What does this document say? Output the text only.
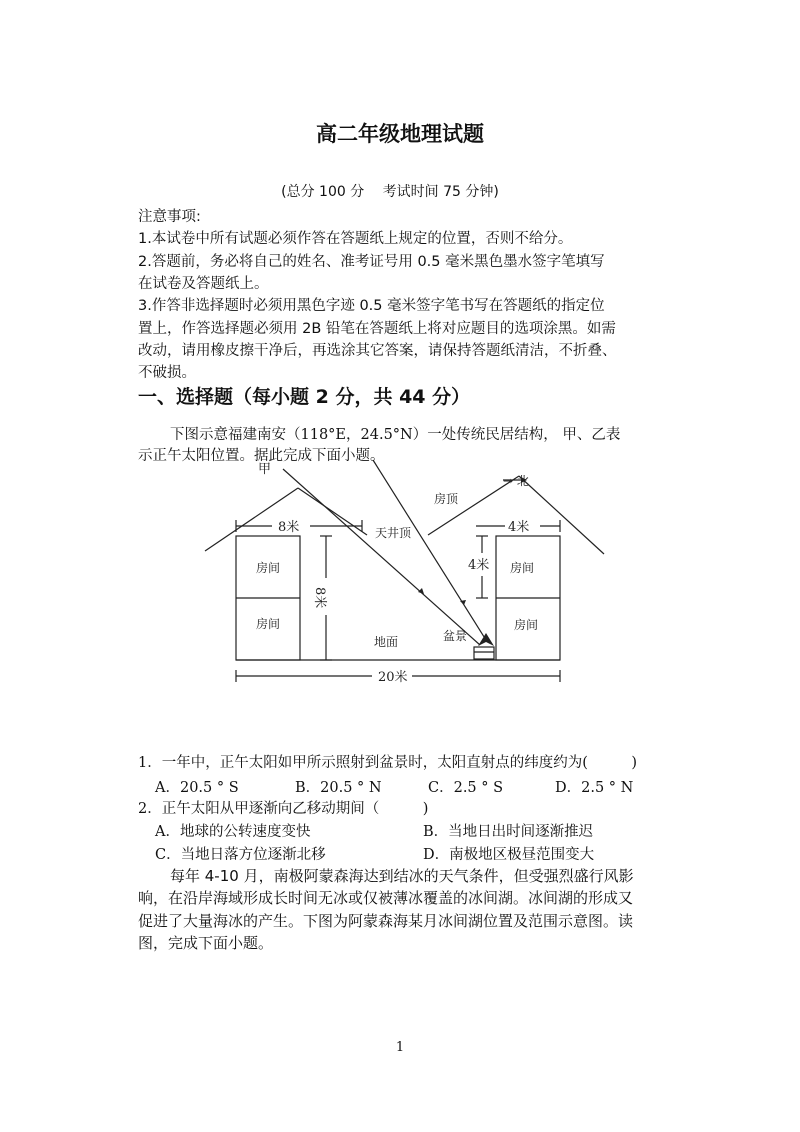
高二年级地理试题
(总分 100 分　 考试时间 75 分钟)
注意事项:
1.本试卷中所有试题必须作答在答题纸上规定的位置，否则不给分。
2.答题前，务必将自己的姓名、准考证号用 0.5 毫米黑色墨水签字笔填写
在试卷及答题纸上。
3.作答非选择题时必须用黑色字迹 0.5 毫米签字笔书写在答题纸的指定位
置上，作答选择题必须用 2B 铅笔在答题纸上将对应题目的选项涂黑。如需
改动，请用橡皮擦干净后，再选涂其它答案，请保持答题纸清洁，不折叠、
不破损。
一、选择题（每小题 2 分，共 44 分）
下图示意福建南安（118°E，24.5°N）一处传统民居结构， 甲、乙表
示正午太阳位置。据此完成下面小题。
甲
→ 北
房顶
天井顶
8米	4米
8米
4米
房间
房间
房间
房间
地面	盆景
20米
1．一年中，正午太阳如甲所示照射到盆景时，太阳直射点的纬度约为(　　　)
A．20.5 ° S	B．20.5 ° N	C．2.5 ° S	D．2.5 ° N
2．正午太阳从甲逐渐向乙移动期间（　　　)
A．地球的公转速度变快	B．当地日出时间逐渐推迟
C．当地日落方位逐渐北移	D．南极地区极昼范围变大
每年 4-10 月，南极阿蒙森海达到结冰的天气条件，但受强烈盛行风影
响，在沿岸海域形成长时间无冰或仅被薄冰覆盖的冰间湖。冰间湖的形成又
促进了大量海冰的产生。下图为阿蒙森海某月冰间湖位置及范围示意图。读
图，完成下面小题。
1
